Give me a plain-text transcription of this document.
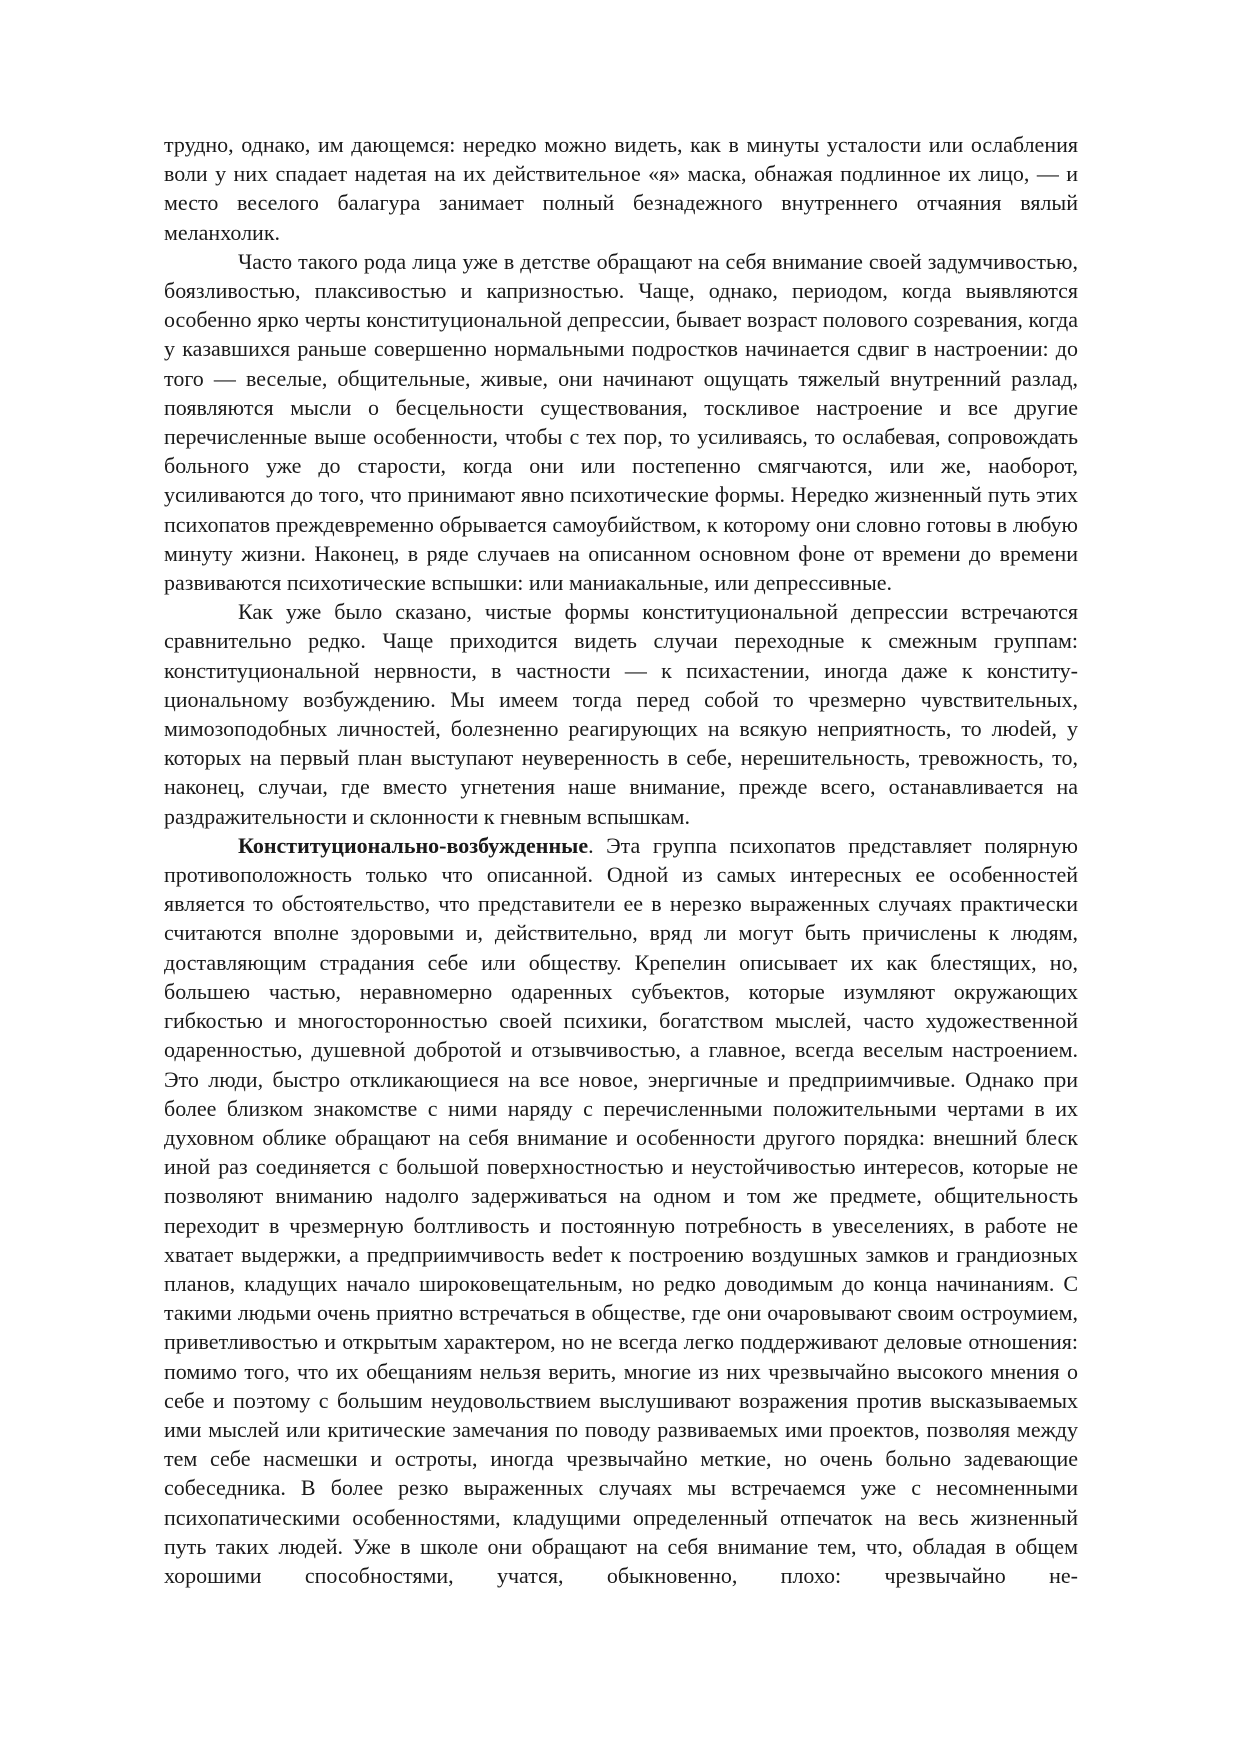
трудно, однако, им дающемся: нередко можно видеть, как в минуты усталости или ослабления воли у них спадает надетая на их действительное «я» маска, обнажая подлинное их лицо, — и место веселого балагура занимает полный безнадежного внутреннего отчаяния вялый меланхолик.

Часто такого рода лица уже в детстве обращают на себя внимание своей задумчивостью, боязливостью, плаксивостью и капризностью. Чаще, однако, периодом, когда выявляются особенно ярко черты конституциональной депрессии, бывает возраст полового созревания, когда у казавшихся раньше совершенно нормальными подростков начинается сдвиг в настроении: до того — веселые, общительные, живые, они начинают ощущать тяжелый внутренний разлад, появляются мысли о бесцельности существования, тоскливое настроение и все другие перечисленные выше особенности, чтобы с тех пор, то усиливаясь, то ослабевая, сопровождать больного уже до старости, когда они или постепенно смягчаются, или же, наоборот, усиливаются до того, что принимают явно психотические формы. Нередко жизненный путь этих психопатов преждевременно обрывается самоубийством, к которому они словно готовы в любую минуту жизни. Наконец, в ряде случаев на описанном основном фоне от времени до времени развиваются психотические вспышки: или маниакальные, или депрессивные.

Как уже было сказано, чистые формы конституциональной депрессии встречаются сравнительно редко. Чаще приходится видеть случаи переходные к смежным группам: конституциональной нервности, в частности — к психастении, иногда даже к конституциональному возбуждению. Мы имеем тогда перед собой то чрезмерно чувствительных, мимозоподобных личностей, болезненно реагирующих на всякую неприятность, то люdей, у которых на первый план выступают неуверенность в себе, нерешительность, тревожность, то, наконец, случаи, где вместо угнетения наше внимание, прежде всего, останавливается на раздражительности и склонности к гневным вспышкам.

Конституционально-возбужденные. Эта группа психопатов представляет полярную противоположность только что описанной. Одной из самых интересных ее особенностей является то обстоятельство, что представители ее в нерезко выраженных случаях практически считаются вполне здоровыми и, действительно, вряд ли могут быть причислены к людям, доставляющим страдания себе или обществу. Крепелин описывает их как блестящих, но, большею частью, неравномерно одаренных субъектов, которые изумляют окружающих гибкостью и многосторонностью своей психики, богатством мыслей, часто художественной одаренностью, душевной добротой и отзывчивостью, а главное, всегда веселым настроением. Это люди, быстро откликающиеся на все новое, энергичные и предприимчивые. Однако при более близком знакомстве с ними наряду с перечисленными положительными чертами в их духовном облике обращают на себя внимание и особенности другого порядка: внешний блеск иной раз соединяется с большой поверхностностью и неустойчивостью интересов, которые не позволяют вниманию надолго задерживаться на одном и том же предмете, общительность переходит в чрезмерную болтливость и постоянную потребность в увеселениях, в работе не хватает выдержки, а предприимчивость веdет к построению воздушных замков и грандиозных планов, кладущих начало широковещательным, но редко доводимым до конца начинаниям. С такими людьми очень приятно встречаться в обществе, где они очаровывают своим остроумием, приветливостью и открытым характером, но не всегда легко поддерживают деловые отношения: помимо того, что их обещаниям нельзя верить, многие из них чрезвычайно высокого мнения о себе и поэтому с большим неудовольствием выслушивают возражения против высказываемых ими мыслей или критические замечания по поводу развиваемых ими проектов, позволяя между тем себе насмешки и остроты, иногда чрезвычайно меткие, но очень больно задевающие собеседника. В более резко выраженных случаях мы встречаемся уже с несомненными психопатическими особенностями, кладущими определенный отпечаток на весь жизненный путь таких людей. Уже в школе они обращают на себя внимание тем, что, обладая в общем хорошими способностями, учатся, обыкновенно, плохо: чрезвычайно не-
